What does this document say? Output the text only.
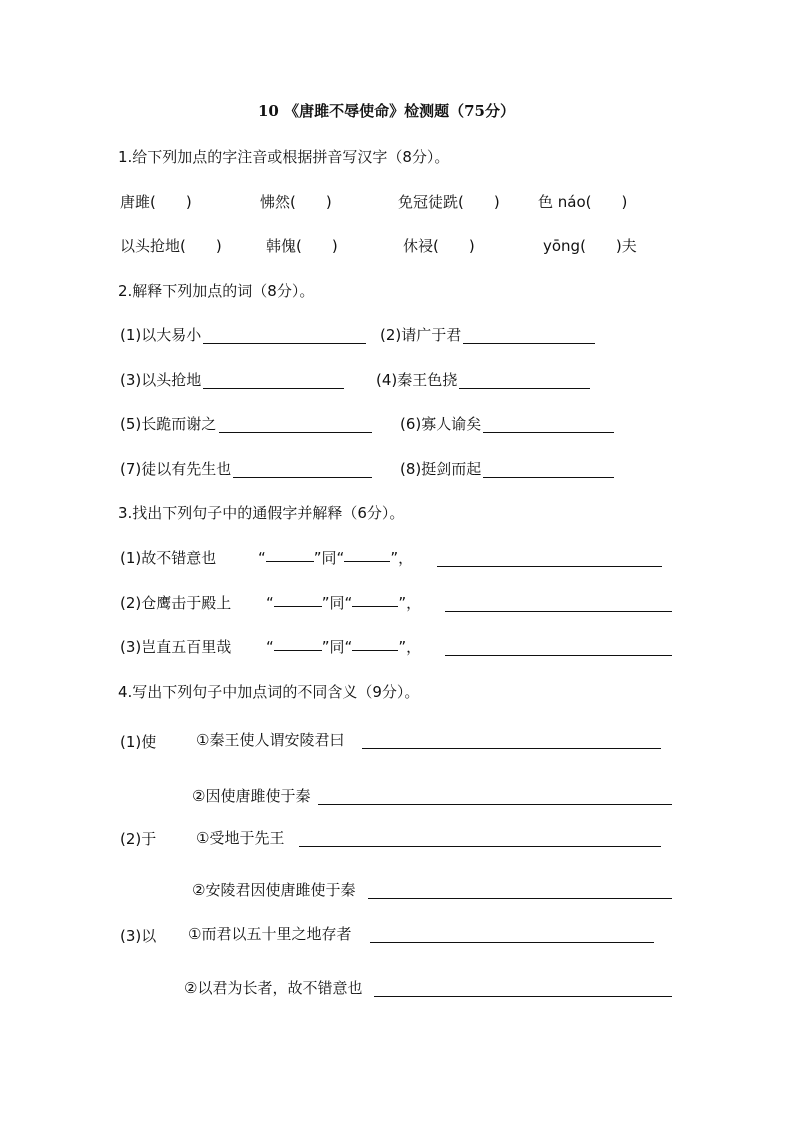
10 《唐雎不辱使命》检测题（75分）
1.给下列加点的字注音或根据拼音写汉字（8分）。
唐雎(　　)	怫然(　　)	免冠徒跣(　　)	色 náo(　　)
以头抢地(　　)	韩傀(　　)	休祲(　　)	yōng(　　)夫
2.解释下列加点的词（8分）。
(1)以大易小	(2)请广于君
(3)以头抢地	(4)秦王色挠
(5)长跪而谢之	(6)寡人谕矣
(7)徒以有先生也	(8)挺剑而起
3.找出下列句子中的通假字并解释（6分）。
(1)故不错意也	“	”同“	”，
(2)仓鹰击于殿上 “	”同“	”，
(3)岂直五百里哉 “	”同“	”，
4.写出下列句子中加点词的不同含义（9分）。
(1)使	①秦王使人谓安陵君曰
②因使唐雎使于秦
(2)于	①受地于先王
②安陵君因使唐雎使于秦
(3)以 ①而君以五十里之地存者
②以君为长者，故不错意也
